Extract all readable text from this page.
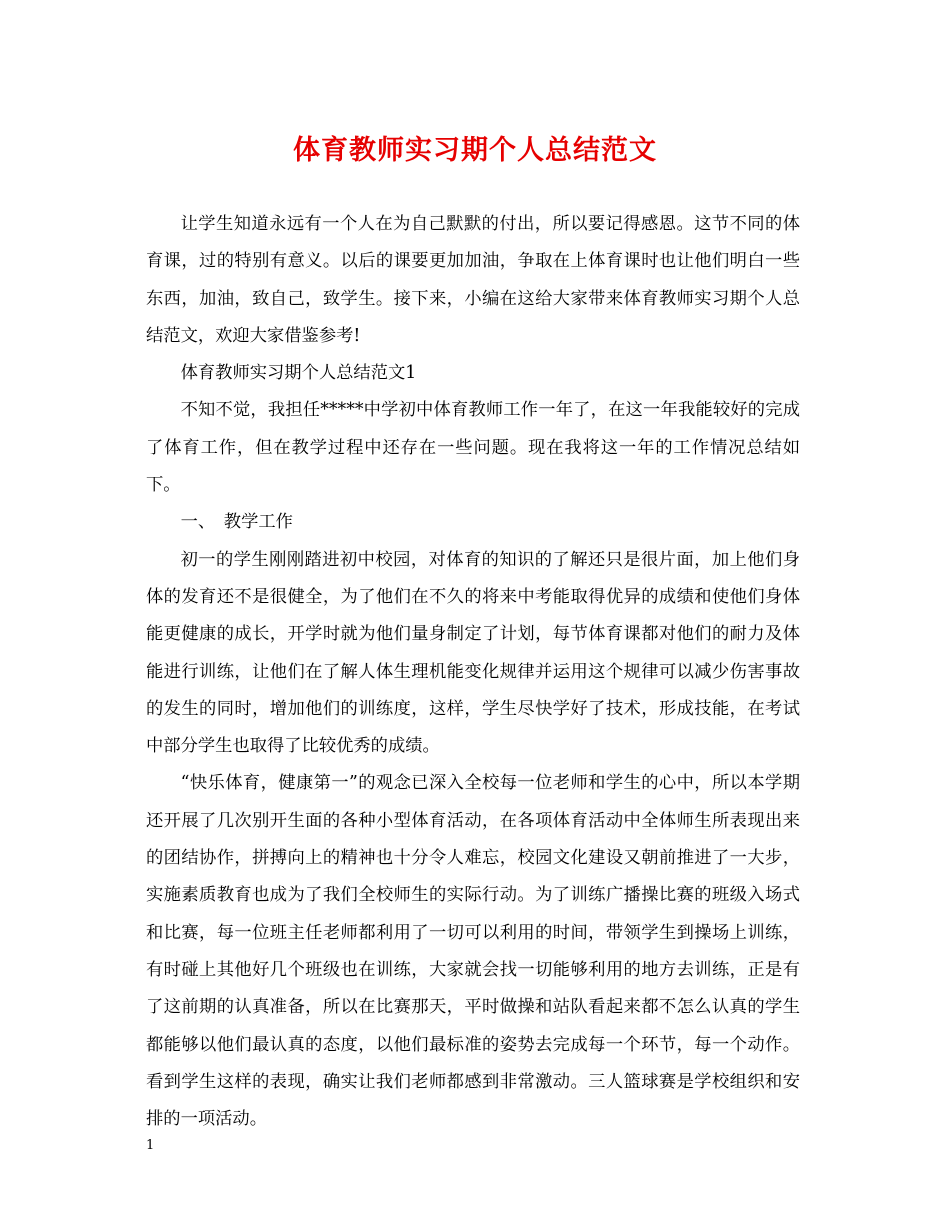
体育教师实习期个人总结范文

让学生知道永远有一个人在为自己默默的付出，所以要记得感恩。这节不同的体育课，过的特别有意义。以后的课要更加加油，争取在上体育课时也让他们明白一些东西，加油，致自己，致学生。接下来，小编在这给大家带来体育教师实习期个人总结范文，欢迎大家借鉴参考!

体育教师实习期个人总结范文1

不知不觉，我担任*****中学初中体育教师工作一年了，在这一年我能较好的完成了体育工作，但在教学过程中还存在一些问题。现在我将这一年的工作情况总结如下。

一、　教学工作

初一的学生刚刚踏进初中校园，对体育的知识的了解还只是很片面，加上他们身体的发育还不是很健全，为了他们在不久的将来中考能取得优异的成绩和使他们身体能更健康的成长，开学时就为他们量身制定了计划，每节体育课都对他们的耐力及体能进行训练，让他们在了解人体生理机能变化规律并运用这个规律可以减少伤害事故的发生的同时，增加他们的训练度，这样，学生尽快学好了技术，形成技能，在考试中部分学生也取得了比较优秀的成绩。

“快乐体育，健康第一”的观念已深入全校每一位老师和学生的心中，所以本学期还开展了几次别开生面的各种小型体育活动，在各项体育活动中全体师生所表现出来的团结协作，拼搏向上的精神也十分令人难忘，校园文化建设又朝前推进了一大步，实施素质教育也成为了我们全校师生的实际行动。为了训练广播操比赛的班级入场式和比赛，每一位班主任老师都利用了一切可以利用的时间，带领学生到操场上训练，有时碰上其他好几个班级也在训练，大家就会找一切能够利用的地方去训练，正是有了这前期的认真准备，所以在比赛那天，平时做操和站队看起来都不怎么认真的学生都能够以他们最认真的态度，以他们最标准的姿势去完成每一个环节，每一个动作。看到学生这样的表现，确实让我们老师都感到非常激动。三人篮球赛是学校组织和安排的一项活动。

1
